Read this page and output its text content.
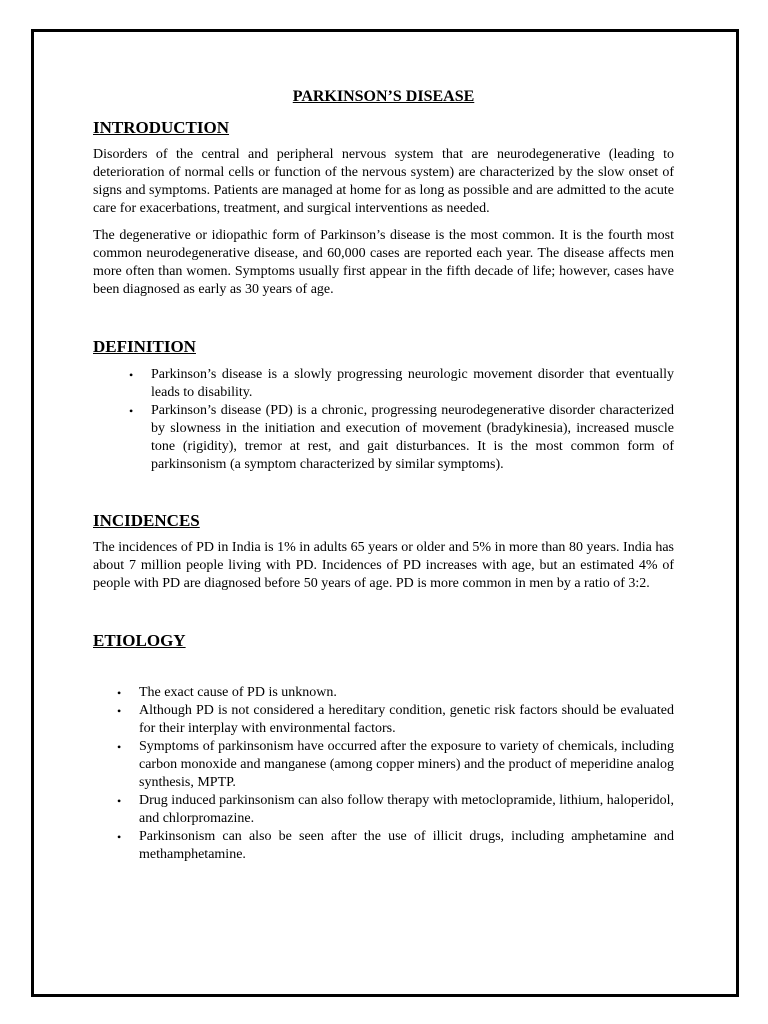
PARKINSON’S DISEASE
INTRODUCTION

Disorders of the central and peripheral nervous system that are neurodegenerative (leading to deterioration of normal cells or function of the nervous system) are characterized by the slow onset of signs and symptoms. Patients are managed at home for as long as possible and are admitted to the acute care for exacerbations, treatment, and surgical interventions as needed.

The degenerative or idiopathic form of Parkinson’s disease is the most common. It is the fourth most common neurodegenerative disease, and 60,000 cases are reported each year. The disease affects men more often than women. Symptoms usually first appear in the fifth decade of life; however, cases have been diagnosed as early as 30 years of age.

DEFINITION
• Parkinson’s disease is a slowly progressing neurologic movement disorder that eventually leads to disability.
• Parkinson’s disease (PD) is a chronic, progressing neurodegenerative disorder characterized by slowness in the initiation and execution of movement (bradykinesia), increased muscle tone (rigidity), tremor at rest, and gait disturbances. It is the most common form of parkinsonism (a symptom characterized by similar symptoms).
INCIDENCES

The incidences of PD in India is 1% in adults 65 years or older and 5% in more than 80 years. India has about 7 million people living with PD. Incidences of PD increases with age, but an estimated 4% of people with PD are diagnosed before 50 years of age. PD is more common in men by a ratio of 3:2.

ETIOLOGY
• The exact cause of PD is unknown.
• Although PD is not considered a hereditary condition, genetic risk factors should be evaluated for their interplay with environmental factors.
• Symptoms of parkinsonism have occurred after the exposure to variety of chemicals, including carbon monoxide and manganese (among copper miners) and the product of meperidine analog synthesis, MPTP.
• Drug induced parkinsonism can also follow therapy with metoclopramide, lithium, haloperidol, and chlorpromazine.
• Parkinsonism can also be seen after the use of illicit drugs, including amphetamine and methamphetamine.
